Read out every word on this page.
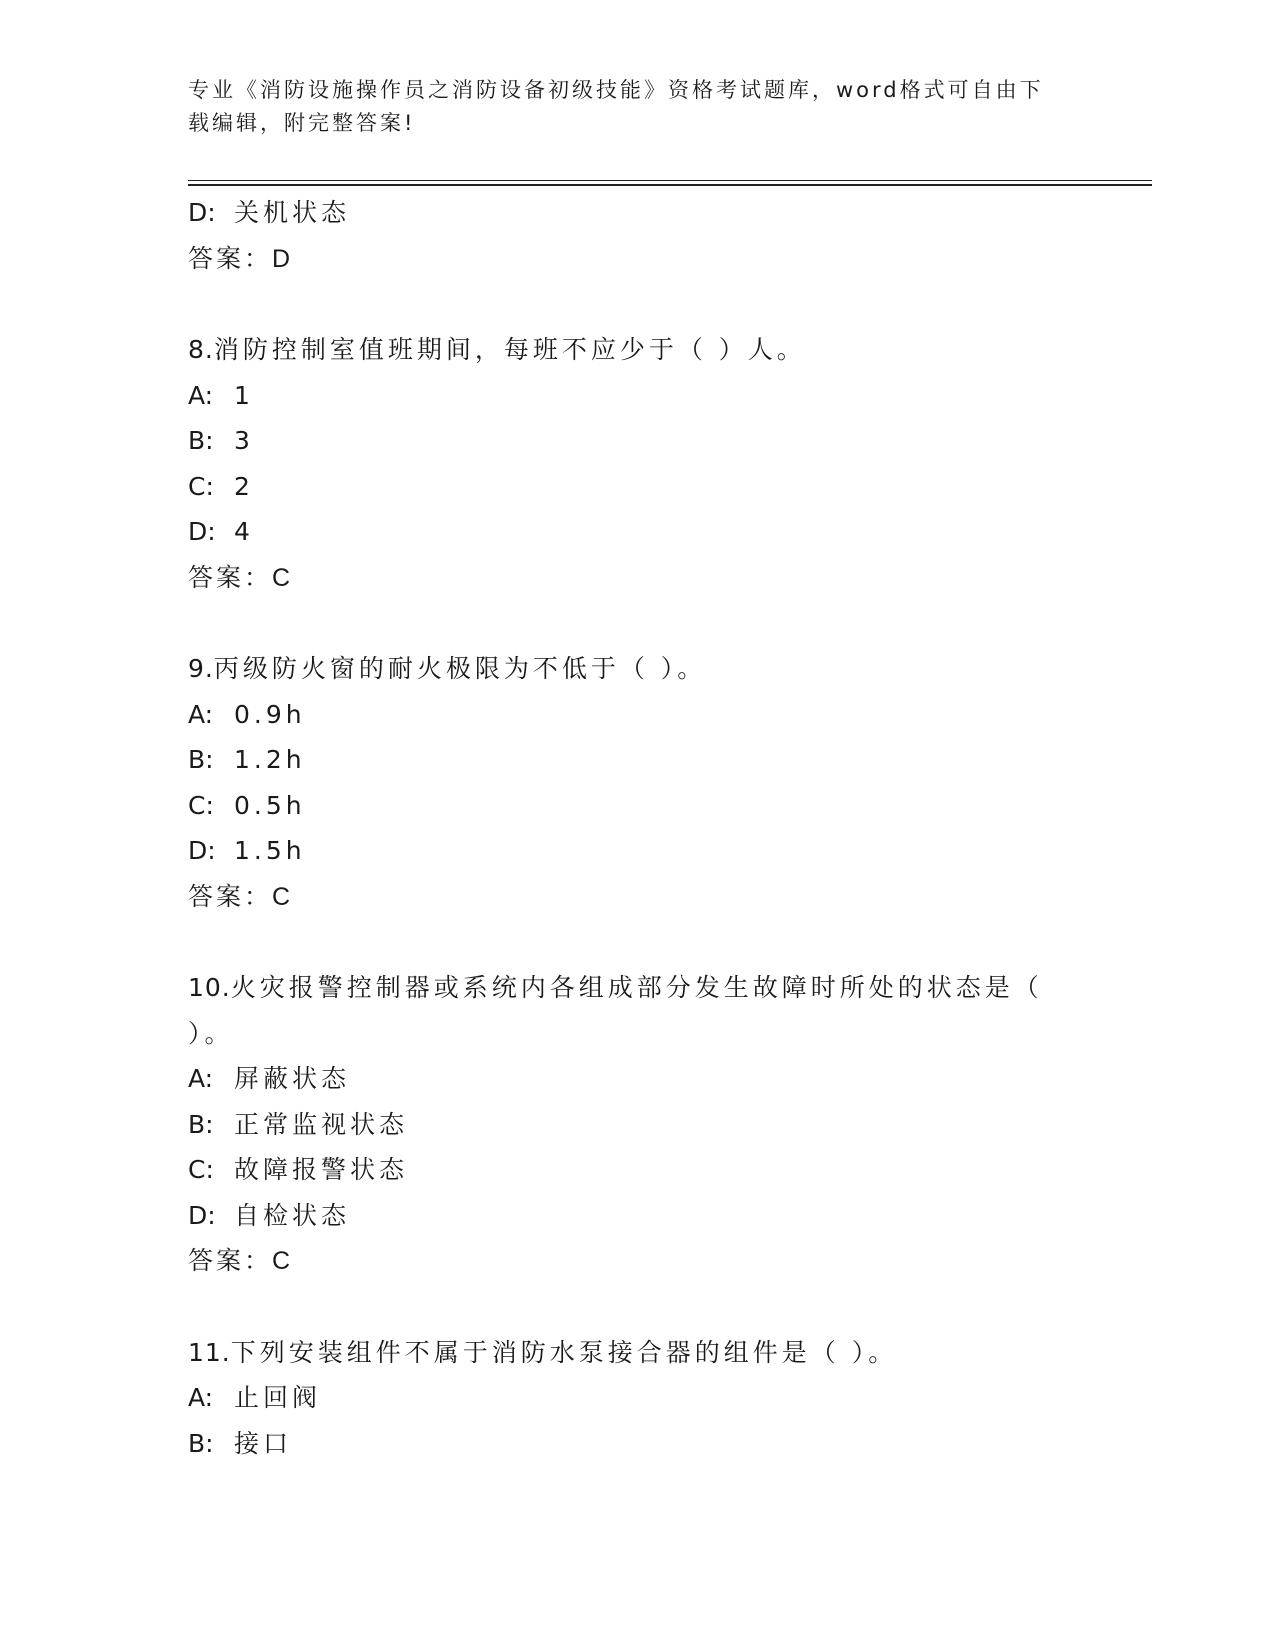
专业《消防设施操作员之消防设备初级技能》资格考试题库，word格式可自由下
载编辑，附完整答案!
D: 关机状态
答案：D
8.消防控制室值班期间，每班不应少于（ ）人。
A: 1
B: 3
C: 2
D: 4
答案：C
9.丙级防火窗的耐火极限为不低于（ ）。
A: 0.9h
B: 1.2h
C: 0.5h
D: 1.5h
答案：C
10.火灾报警控制器或系统内各组成部分发生故障时所处的状态是（
）。
A: 屏蔽状态
B: 正常监视状态
C: 故障报警状态
D: 自检状态
答案：C
11.下列安装组件不属于消防水泵接合器的组件是（ ）。
A: 止回阀
B: 接口
